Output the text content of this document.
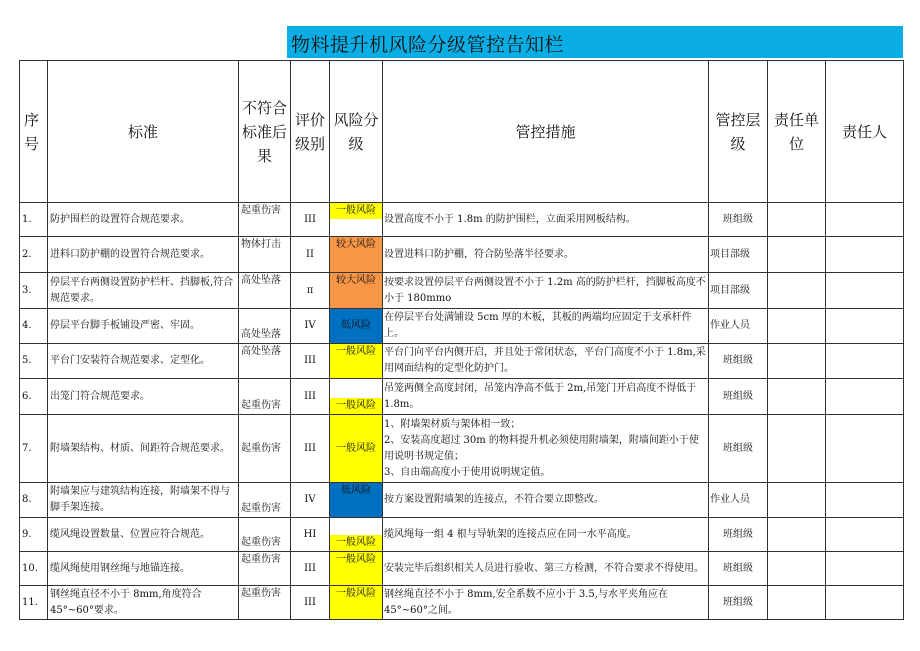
物料提升机风险分级管控告知栏
序号	标准	不符合标准后果	评价级别	风险分级	管控措施	管控层级	责任单位	责任人
1.	防护围栏的设置符合规范要求。	起重伤害	III	一般风险	设置高度不小于 1.8m 的防护围栏，立面采用网板结构。	班组级		
2.	进料口防护棚的设置符合规范要求。	物体打击	II	较大风险	设置进料口防护棚，符合防坠落半径要求。	项目部级		
3.	停层平台两侧设置防护栏杆、挡脚板,符合规范要求。	高处坠落	π	较大风险	按要求设置停层平台两侧设置不小于 1.2m 高的防护栏杆，挡脚板高度不小于 180mmo	项目部级		
4.	停层平台脚手板铺设严密、牢固。	高处坠落	IV	低风险	在停层平台处满铺设 5cm 厚的木板，其板的两端均应固定于支承杆件上。	作业人员		
5.	平台门安装符合规范要求、定型化。	高处坠落	III	一般风险	平台门向平台内侧开启，并且处于常闭状态，平台门高度不小于 1.8m,采用网面结构的定型化防护门。	班组级		
6.	出笼门符合规范要求。	起重伤害	III	一般风险	吊笼两侧全高度封闭，吊笼内净高不低于 2m,吊笼门开启高度不得低于 1.8m。	班组级		
7.	附墙架结构、材质、间距符合规范要求。	起重伤害	III	一般风险	1、附墙架材质与架体相一致；
2、安装高度超过 30m 的物料提升机必须使用附墙架，附墙间距小于使用说明书规定值；
3、自由端高度小于使用说明规定值。	班组级		
8.	附墙架应与建筑结构连接，附墙架不得与脚手架连接。	起重伤害	IV	低风险	按方案设置附墙架的连接点，不符合要立即整改。	作业人员		
9.	缆风绳设置数量、位置应符合规范。	起重伤害	HI	一般风险	缆风绳每一组 4 根与导轨架的连接点应在同一水平高度。	班组级		
10.	缆风绳使用钢丝绳与地锚连接。	起重伤害	III	一般风险	安装完毕后组织相关人员进行验收、第三方检测，不符合要求不得使用。	班组级		
11.	钢丝绳直径不小于 8mm,角度符合45°~60°要求。	起重伤害	III	一般风险	钢丝绳直径不小于 8mm,安全系数不应小于 3.5,与水平夹角应在 45°~60°之间。	班组级		
